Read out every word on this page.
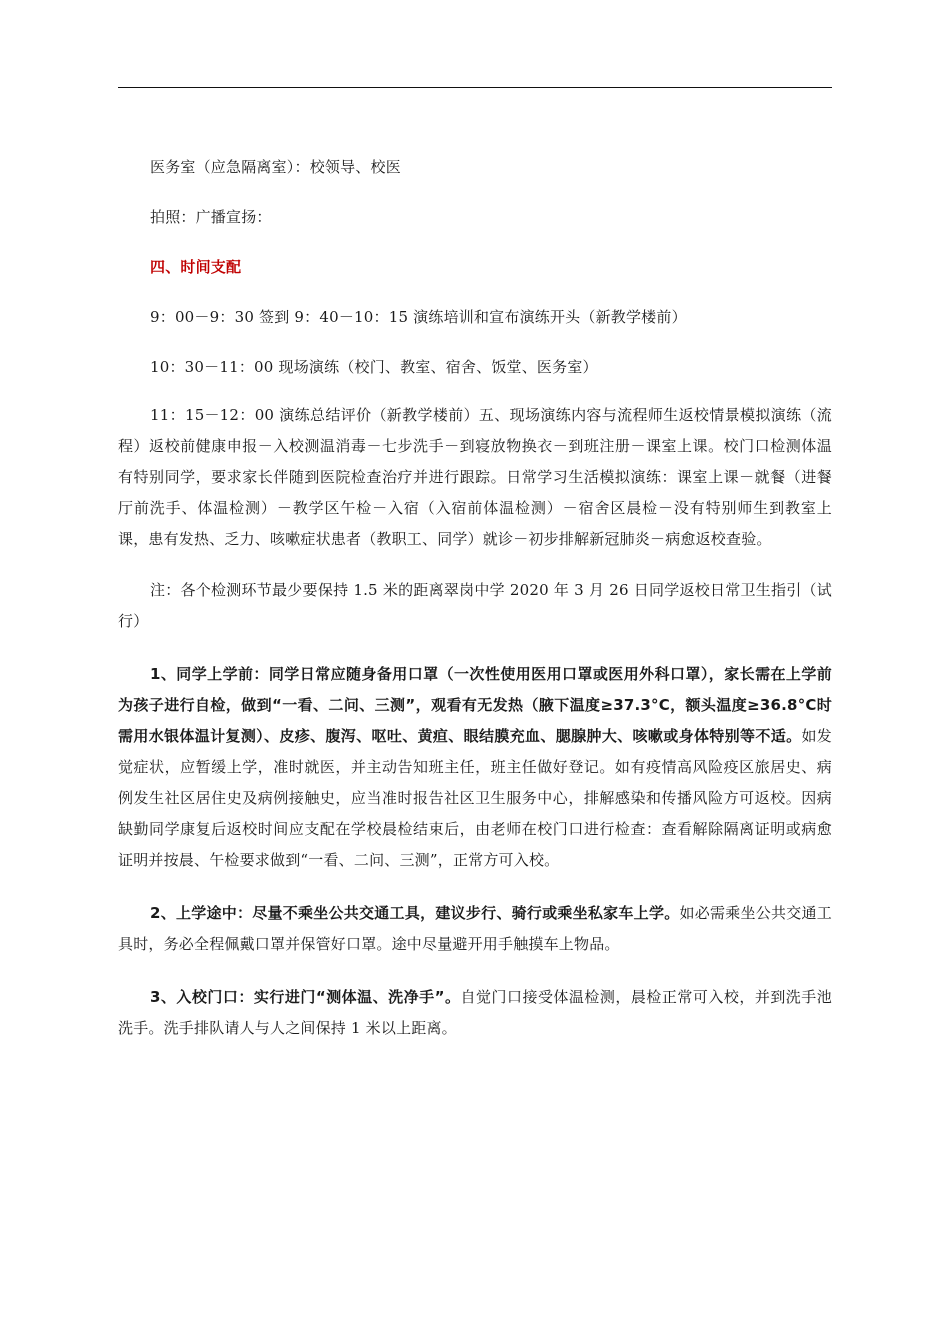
医务室（应急隔离室）：校领导、校医

拍照：广播宣扬：

四、时间支配

9：00－9：30 签到 9：40－10：15 演练培训和宣布演练开头（新教学楼前）

10：30－11：00 现场演练（校门、教室、宿舍、饭堂、医务室）

11：15－12：00 演练总结评价（新教学楼前）五、现场演练内容与流程师生返校情景模拟演练（流程）返校前健康申报－入校测温消毒－七步洗手－到寝放物换衣－到班注册－课室上课。校门口检测体温有特别同学，要求家长伴随到医院检查治疗并进行跟踪。日常学习生活模拟演练：课室上课－就餐（进餐厅前洗手、体温检测）－教学区午检－入宿（入宿前体温检测）－宿舍区晨检－没有特别师生到教室上课，患有发热、乏力、咳嗽症状患者（教职工、同学）就诊－初步排解新冠肺炎－病愈返校查验。

注：各个检测环节最少要保持 1.5 米的距离翠岗中学 2020 年 3 月 26 日同学返校日常卫生指引（试行）

1、同学上学前：同学日常应随身备用口罩（一次性使用医用口罩或医用外科口罩），家长需在上学前为孩子进行自检，做到“一看、二问、三测”，观看有无发热（腋下温度≥37.3°C，额头温度≥36.8°C时需用水银体温计复测）、皮疹、腹泻、呕吐、黄疸、眼结膜充血、腮腺肿大、咳嗽或身体特别等不适。如发觉症状，应暂缓上学，准时就医，并主动告知班主任，班主任做好登记。如有疫情高风险疫区旅居史、病例发生社区居住史及病例接触史，应当准时报告社区卫生服务中心，排解感染和传播风险方可返校。因病缺勤同学康复后返校时间应支配在学校晨检结束后，由老师在校门口进行检查：查看解除隔离证明或病愈证明并按晨、午检要求做到“一看、二问、三测”，正常方可入校。

2、上学途中：尽量不乘坐公共交通工具，建议步行、骑行或乘坐私家车上学。如必需乘坐公共交通工具时，务必全程佩戴口罩并保管好口罩。途中尽量避开用手触摸车上物品。

3、入校门口：实行进门“测体温、洗净手”。自觉门口接受体温检测，晨检正常可入校，并到洗手池洗手。洗手排队请人与人之间保持 1 米以上距离。
